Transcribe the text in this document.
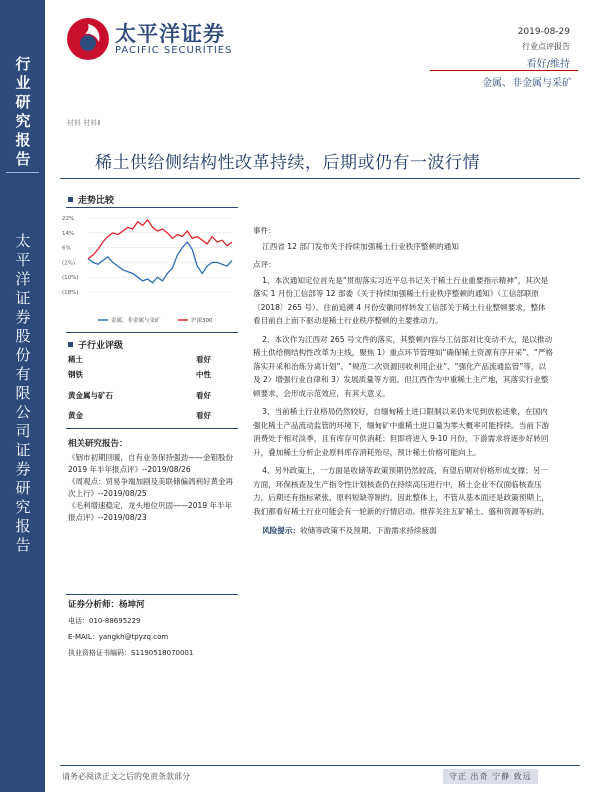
行业研究报告
太平洋证券股份有限公司证券研究报告
太平洋证券
PACIFIC SECURITIES
2019-08-29
行业点评报告
看好/维持
金属、非金属与采矿
材料 材料Ⅱ
稀土供给侧结构性改革持续，后期或仍有一波行情
走势比较
22%
14%
6%
(2%)
(10%)
(18%)
金属、非金属与采矿	沪深300
子行业评级
稀土	看好
钢铁	中性
黄金属与矿石	看好
黄金	看好
相关研究报告：

《铟市初期回暖，自有业务保持强劲——金钼股份 2019 年半年报点评》--2019/08/26

《周观点：贸易争端加剧及美联储偏鸽利好黄金再次上行》--2019/08/25

《毛利增速稳定，龙头地位巩固——2019 年半年报点评》--2019/08/23

证券分析师：杨坤河
电话：010-88695229
E-MAIL：yangkh@tpyzq.com
执业资格证书编码：S1190518070001

事件：

江西省 12 部门发布关于持续加强稀土行业秩序整顿的通知

点评：

1、本次通知定位首先是“贯彻落实习近平总书记关于稀土行业重要指示精神”，其次是落实 1 月份工信部等 12 部委《关于持续加强稀土行业秩序整顿的通知》（工信部联原〔2018〕265 号）。往前追溯 4 月份安徽同样转发工信部关于稀土行业整顿要求，整体看目前自上而下驱动是稀土行业秩序整顿的主要推动力。

2、本次作为江西对 265 号文件的落实，其整顿内容与工信部对比变动不大，是以推动稀土供给侧结构性改革为主线，聚焦 1）重点环节管理如“确保稀土资源有序开采”、“严格落实开采和冶炼分离计划”、“规范二次资源回收利用企业”、“强化产品流通监管”等，以及 2）增强行业自律和 3）发展质量等方面。但江西作为中重稀土主产地，其落实行业整顿要求，会形成示范效应，有其大意义。

3、当前稀土行业格局仍然较好，自缅甸稀土进口限制以来仍未见到放松迹象，在国内强化稀土产品流动监管的环境下，缅甸矿中重稀土进口量为零大概率可能持续。当前下游消费处于相对淡季，且有库存可供消耗；但即将进入 9-10 月份，下游需求将逐步好转回升，叠加稀土分析企业原料库存消耗殆尽，预计稀土价格可能向上。

4、另外政策上，一方面是收储等政策预期仍然较高，有望后期对价格形成支撑；另一方面，环保核查及生产指令性计划核查仍在持续高压进行中，稀土企业不仅面临核查压力，后期还有指标紧张、原料短缺等制约。因此整体上，不管从基本面还是政策预期上，我们都看好稀土行业可能会有一轮新的行情启动。推荐关注五矿稀土、盛和资源等标的。

风险提示：收储等政策不及预期、下游需求持续疲弱

请务必阅读正文之后的免责条款部分	守正 出奇 宁静 致远
